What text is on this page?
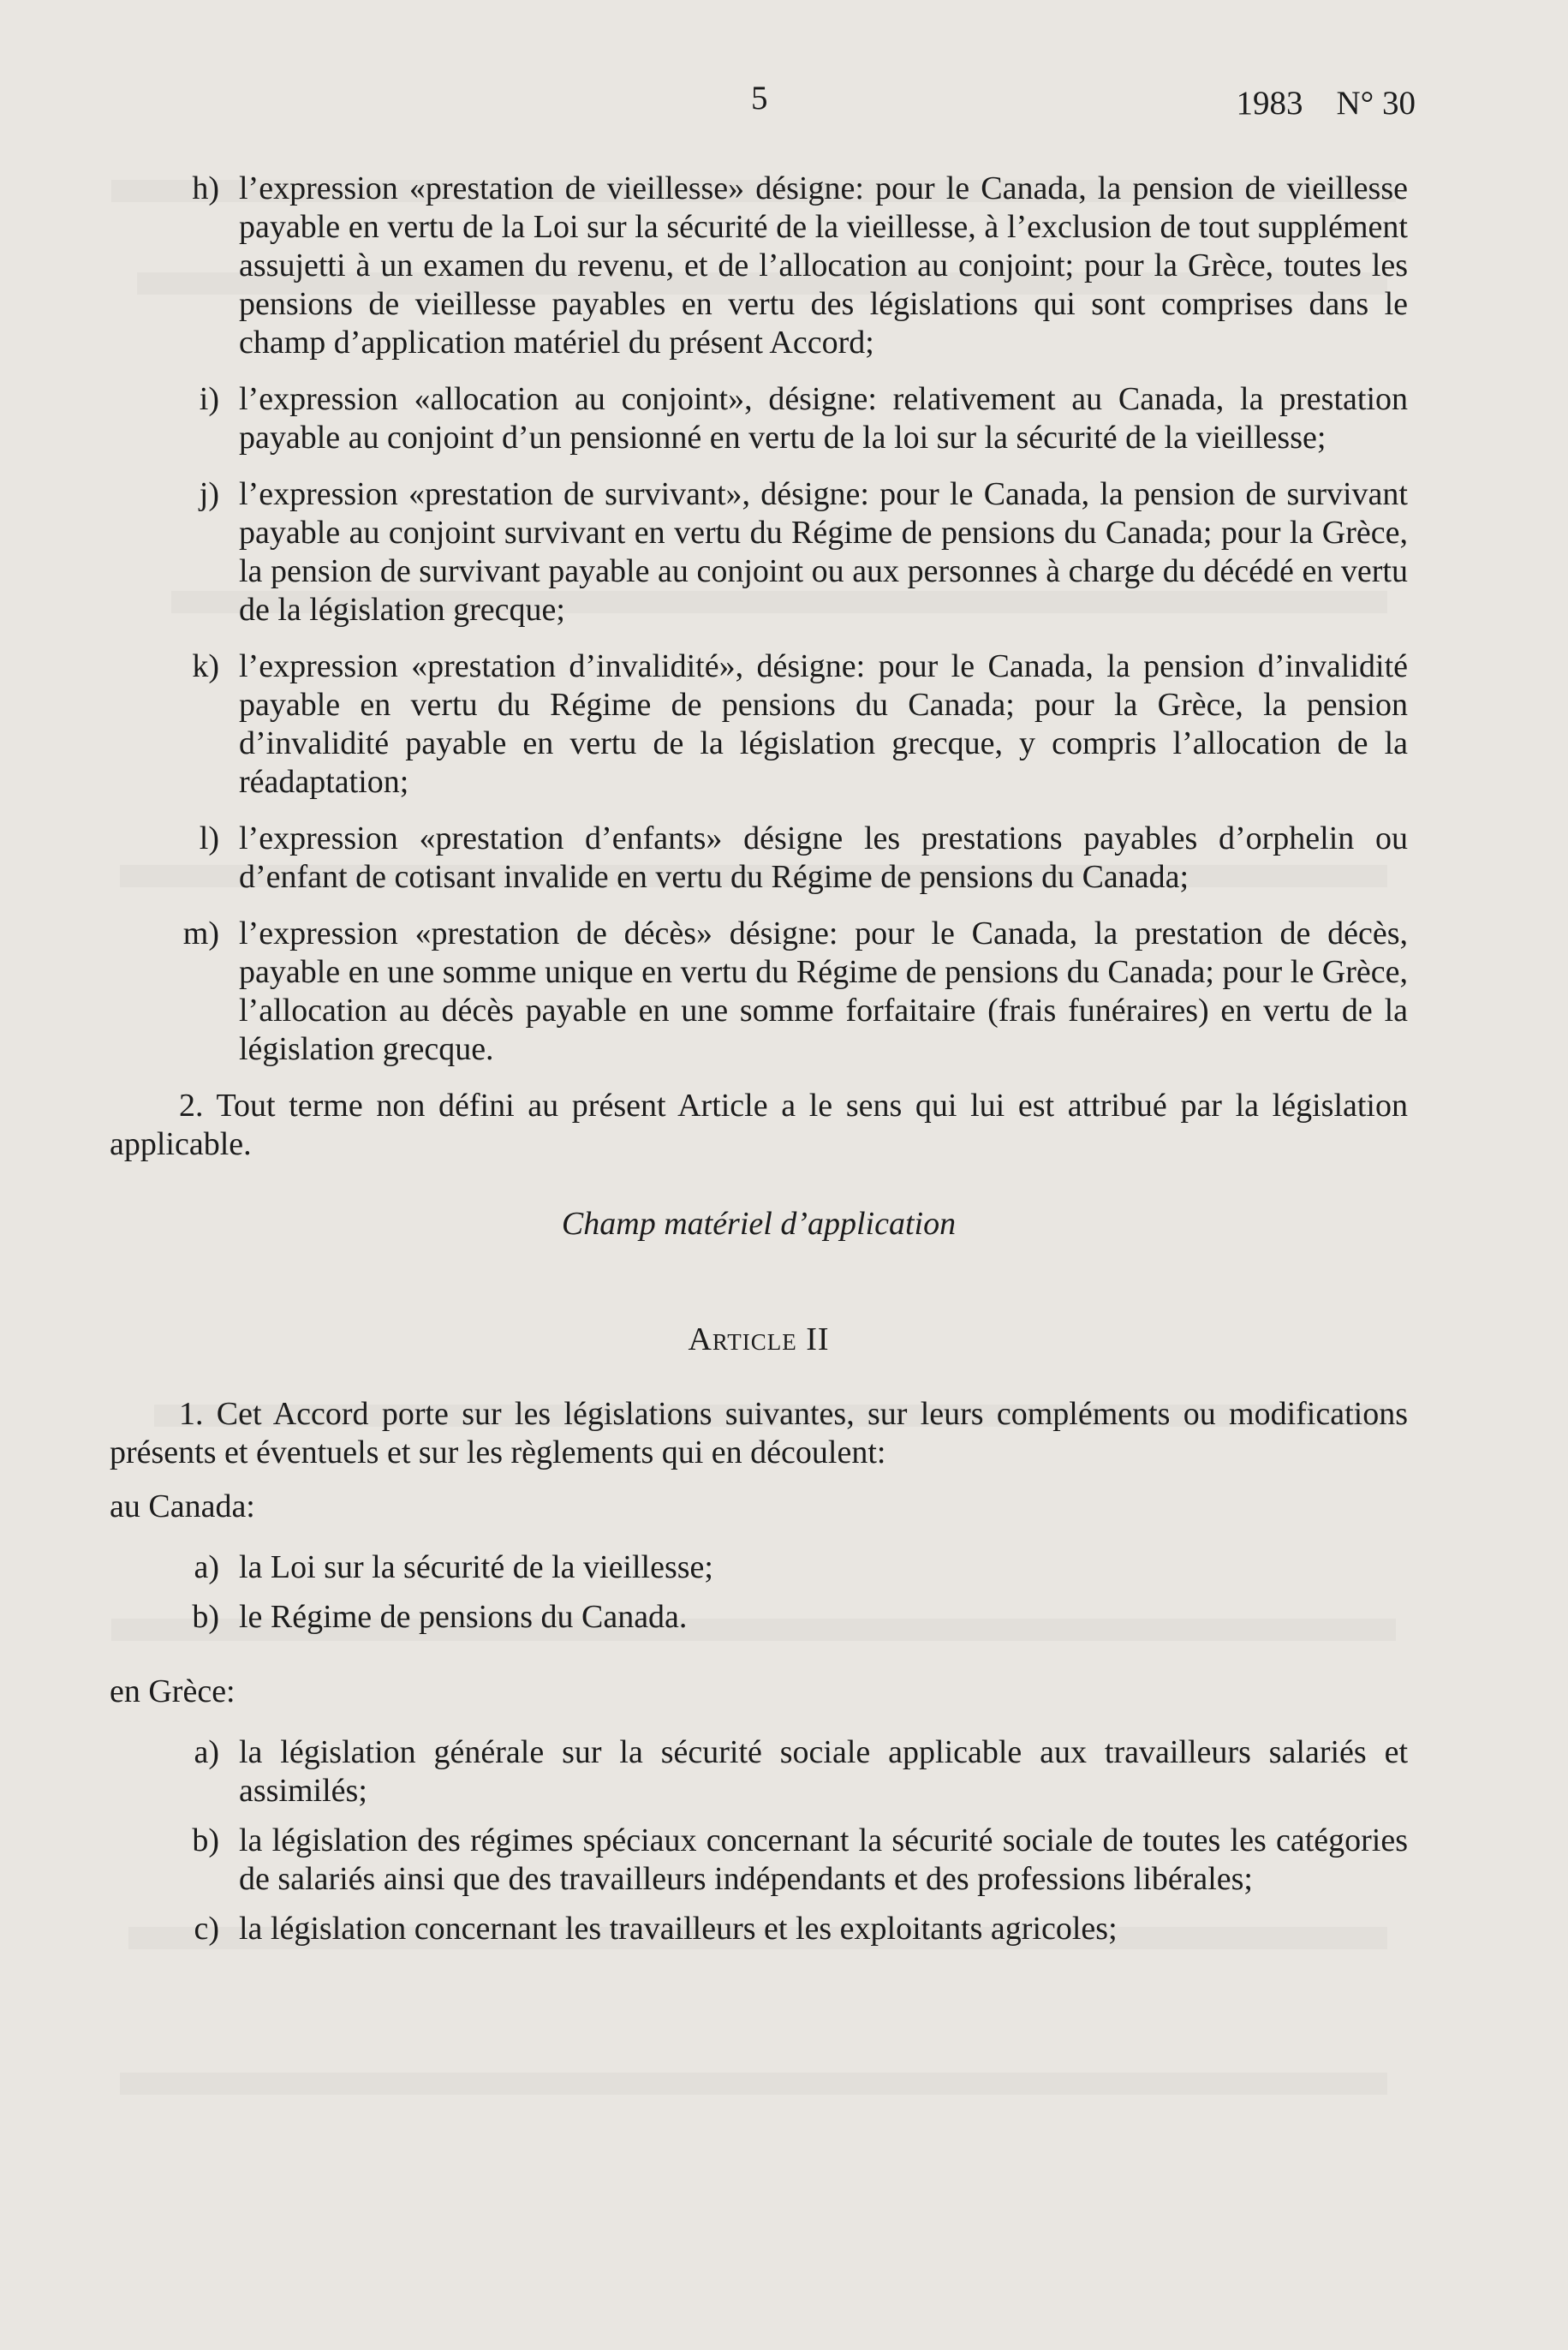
5	1983    N° 30
h) l’expression «prestation de vieillesse» désigne: pour le Canada, la pension de vieillesse payable en vertu de la Loi sur la sécurité de la vieillesse, à l’exclusion de tout supplément assujetti à un examen du revenu, et de l’allocation au conjoint; pour la Grèce, toutes les pensions de vieillesse payables en vertu des législations qui sont comprises dans le champ d’application matériel du présent Accord;
i) l’expression «allocation au conjoint», désigne: relativement au Canada, la prestation payable au conjoint d’un pensionné en vertu de la loi sur la sécurité de la vieillesse;
j) l’expression «prestation de survivant», désigne: pour le Canada, la pension de survivant payable au conjoint survivant en vertu du Régime de pensions du Canada; pour la Grèce, la pension de survivant payable au conjoint ou aux personnes à charge du décédé en vertu de la législation grecque;
k) l’expression «prestation d’invalidité», désigne: pour le Canada, la pension d’invalidité payable en vertu du Régime de pensions du Canada; pour la Grèce, la pension d’invalidité payable en vertu de la législation grecque, y compris l’allocation de la réadaptation;
l) l’expression «prestation d’enfants» désigne les prestations payables d’orphelin ou d’enfant de cotisant invalide en vertu du Régime de pensions du Canada;
m) l’expression «prestation de décès» désigne: pour le Canada, la prestation de décès, payable en une somme unique en vertu du Régime de pensions du Canada; pour le Grèce, l’allocation au décès payable en une somme forfaitaire (frais funéraires) en vertu de la législation grecque.

2. Tout terme non défini au présent Article a le sens qui lui est attribué par la législation applicable.

Champ matériel d’application
Article II

1. Cet Accord porte sur les législations suivantes, sur leurs compléments ou modifications présents et éventuels et sur les règlements qui en découlent:

au Canada:
a) la Loi sur la sécurité de la vieillesse;
b) le Régime de pensions du Canada.
en Grèce:
a) la législation générale sur la sécurité sociale applicable aux travailleurs salariés et assimilés;
b) la législation des régimes spéciaux concernant la sécurité sociale de toutes les catégories de salariés ainsi que des travailleurs indépendants et des professions libérales;
c) la législation concernant les travailleurs et les exploitants agricoles;
